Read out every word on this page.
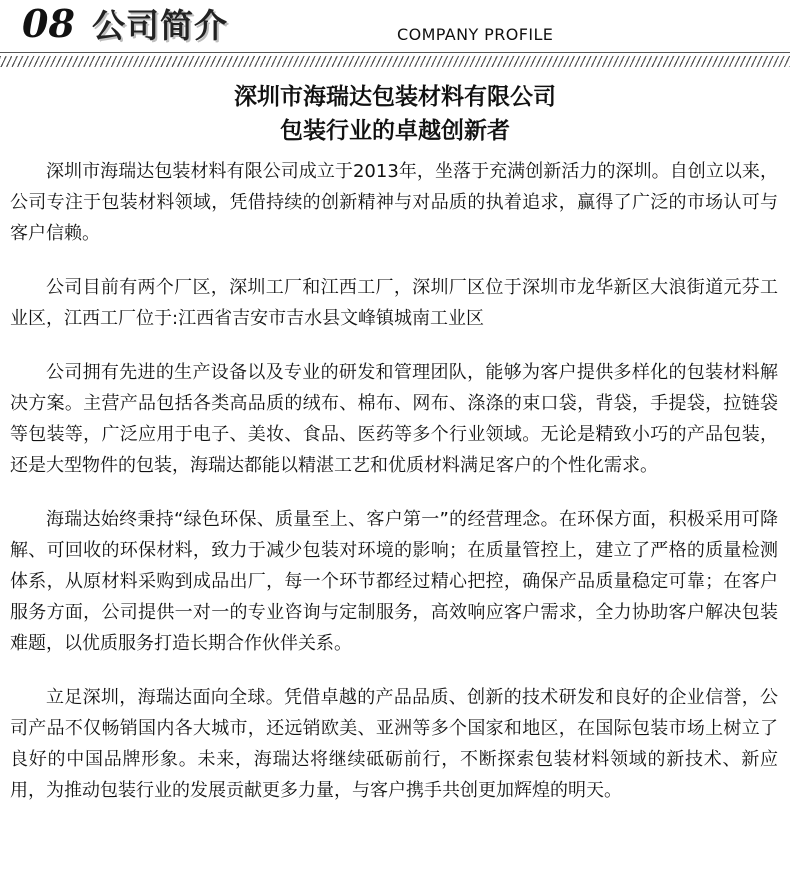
08 公司简介	COMPANY PROFILE
深圳市海瑞达包装材料有限公司
包装行业的卓越创新者

深圳市海瑞达包装材料有限公司成立于2013年，坐落于充满创新活力的深圳。自创立以来，公司专注于包装材料领域，凭借持续的创新精神与对品质的执着追求，赢得了广泛的市场认可与客户信赖。

公司目前有两个厂区，深圳工厂和江西工厂，深圳厂区位于深圳市龙华新区大浪街道元芬工业区，江西工厂位于:江西省吉安市吉水县文峰镇城南工业区

公司拥有先进的生产设备以及专业的研发和管理团队，能够为客户提供多样化的包装材料解决方案。主营产品包括各类高品质的绒布、棉布、网布、涤涤的束口袋，背袋，手提袋，拉链袋等包装等，广泛应用于电子、美妆、食品、医药等多个行业领域。无论是精致小巧的产品包装，还是大型物件的包装，海瑞达都能以精湛工艺和优质材料满足客户的个性化需求。

海瑞达始终秉持“绿色环保、质量至上、客户第一”的经营理念。在环保方面，积极采用可降解、可回收的环保材料，致力于减少包装对环境的影响；在质量管控上，建立了严格的质量检测体系，从原材料采购到成品出厂，每一个环节都经过精心把控，确保产品质量稳定可靠；在客户服务方面，公司提供一对一的专业咨询与定制服务，高效响应客户需求，全力协助客户解决包装难题，以优质服务打造长期合作伙伴关系。

立足深圳，海瑞达面向全球。凭借卓越的产品品质、创新的技术研发和良好的企业信誉，公司产品不仅畅销国内各大城市，还远销欧美、亚洲等多个国家和地区，在国际包装市场上树立了良好的中国品牌形象。未来，海瑞达将继续砥砺前行，不断探索包装材料领域的新技术、新应用，为推动包装行业的发展贡献更多力量，与客户携手共创更加辉煌的明天。
